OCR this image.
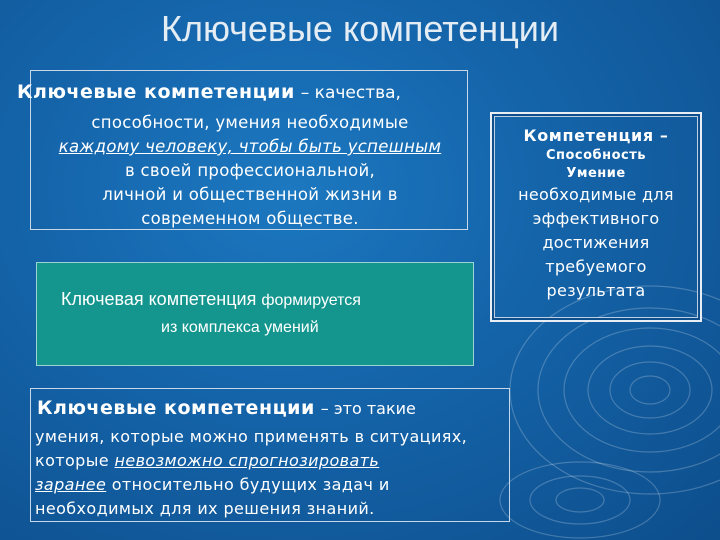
Ключевые компетенции
Ключевые компетенции – качества,
способности, умения необходимые
каждому человеку, чтобы быть успешным
в своей профессиональной,
личной и общественной жизни в
современном обществе.
Ключевая компетенция формируется
из комплекса умений
Компетенция –
Способность
Умение
необходимые для
эффективного
достижения
требуемого
результата
Ключевые компетенции – это такие
умения, которые можно применять в ситуациях,
которые невозможно спрогнозировать
заранее относительно будущих задач и
необходимых для их решения знаний.
